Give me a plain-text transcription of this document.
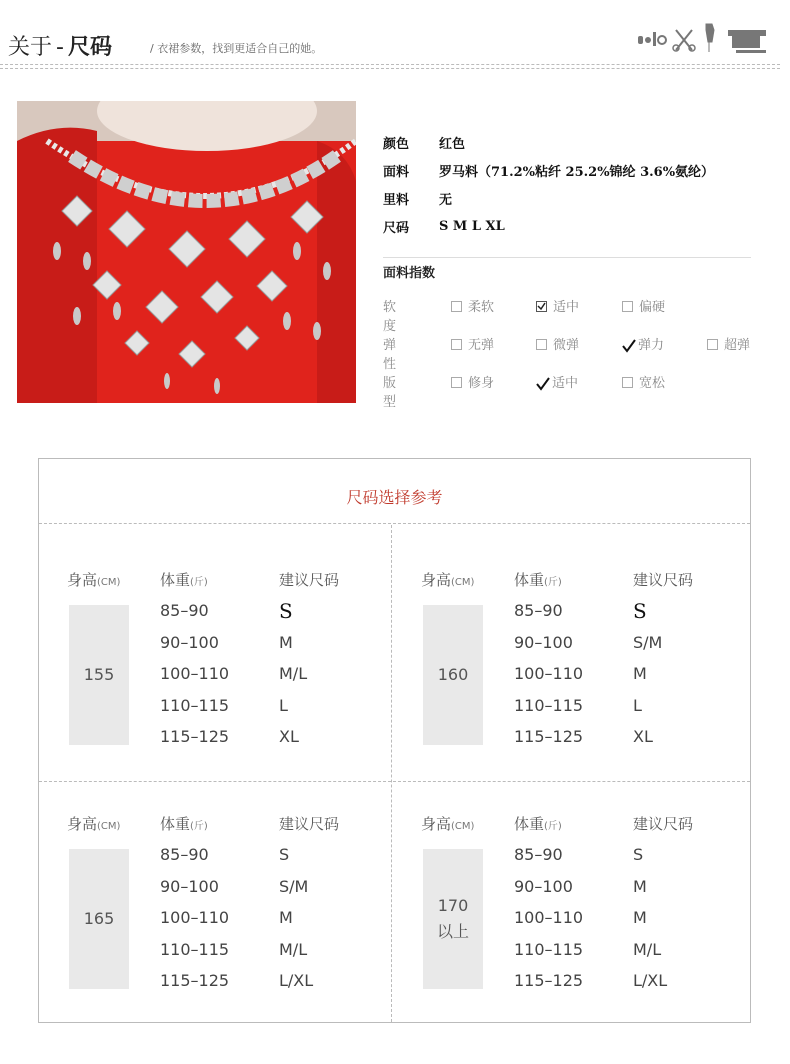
关于 - 尺码	/ 衣裙参数，找到更适合自己的她。
颜色	红色
面料	罗马料（71.2%粘纤 25.2%锦纶 3.6%氨纶）
里料	无
尺码	S M L XL
面料指数
软度
柔软	适中	偏硬
弹性
无弹	微弹	弹力	超弹
版型
修身	适中	宽松
尺码选择参考
身高(CM)	体重(斤)	建议尺码
155
85–90	S
90–100	M
100–110	M/L
110–115	L
115–125	XL
身高(CM)	体重(斤)	建议尺码
160
85–90	S
90–100	S/M
100–110	M
110–115	L
115–125	XL
身高(CM)	体重(斤)	建议尺码
165
85–90	S
90–100	S/M
100–110	M
110–115	M/L
115–125	L/XL
身高(CM)	体重(斤)	建议尺码
170
以上
85–90	S
90–100	M
100–110	M
110–115	M/L
115–125	L/XL
